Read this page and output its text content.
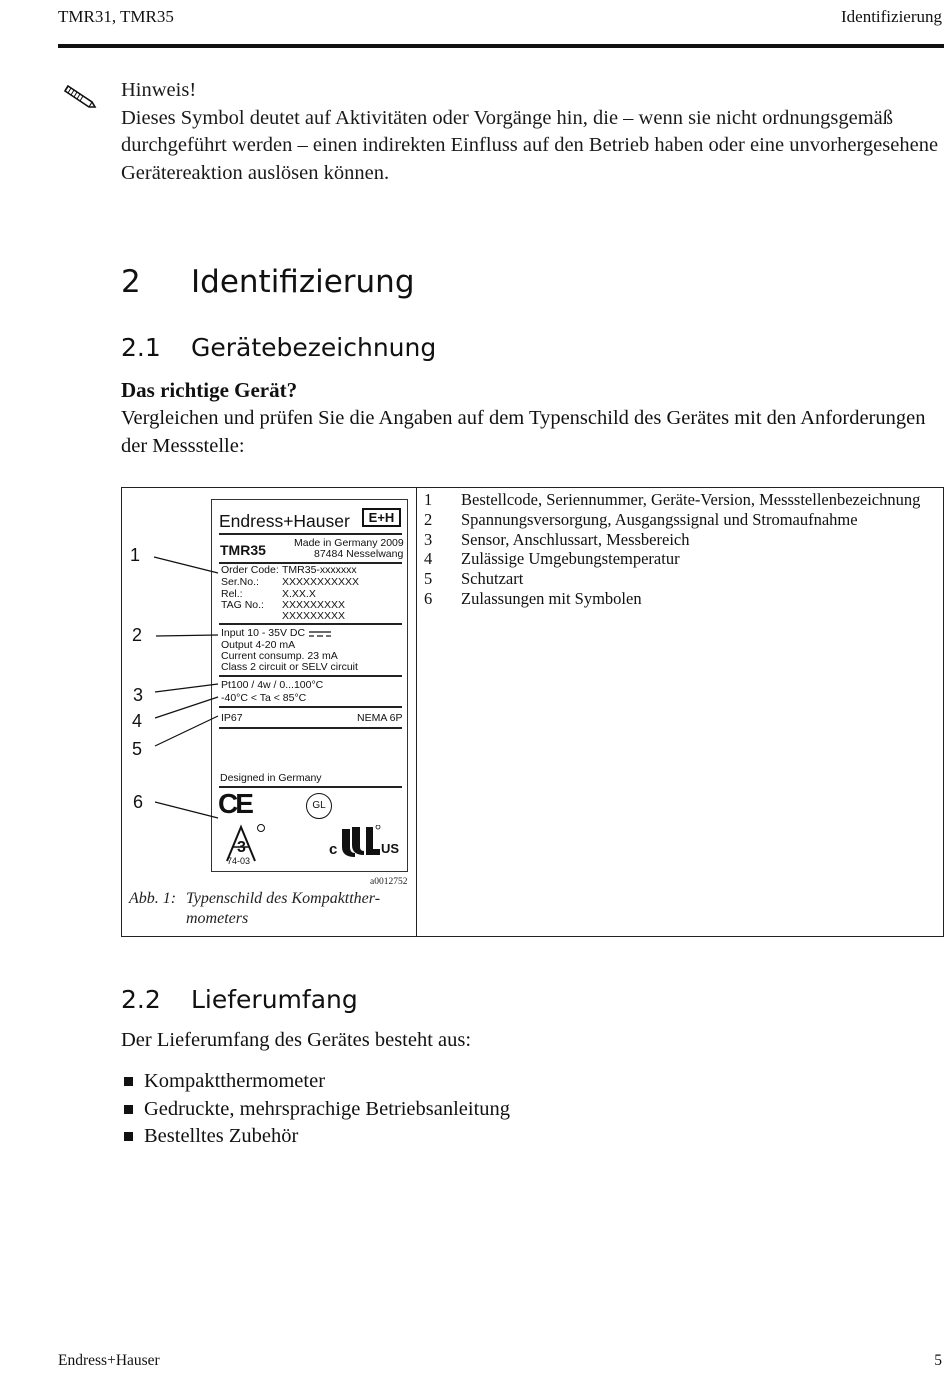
TMR31, TMR35	Identifizierung

Hinweis!

Dieses Symbol deutet auf Aktivitäten oder Vorgänge hin, die – wenn sie nicht ordnungsgemäß durchgeführt werden – einen indirekten Einfluss auf den Betrieb haben oder eine unvorhergesehene Gerätereaktion auslösen können.

2 Identifizierung
2.1 Gerätebezeichnung
Das richtige Gerät?
Vergleichen und prüfen Sie die Angaben auf dem Typenschild des Gerätes mit den Anforderungen der Messstelle:
Endress+Hauser	E+H
TMR35	Made in Germany 2009
87484 Nesselwang
Order Code: TMR35-xxxxxxx
Ser.No.: XXXXXXXXXXX
Rel.:	X.XX.X
TAG No.: XXXXXXXXX
XXXXXXXXX
Input 10 - 35V DC
Output 4-20 mA
Current consump. 23 mA
Class 2 circuit or SELV circuit
Pt100 / 4w / 0...100°C
-40°C < Ta < 85°C
IP67	NEMA 6P
Designed in Germany
CE	GL
3
74-03
c	US
1
2
3
4
5
6
a0012752
Abb. 1: Typenschild des Kompaktther-
mometers
1	Bestellcode, Seriennummer, Geräte-Version, Messstellenbezeichnung
2	Spannungsversorgung, Ausgangssignal und Stromaufnahme
3	Sensor, Anschlussart, Messbereich
4	Zulässige Umgebungstemperatur
5	Schutzart
6	Zulassungen mit Symbolen
2.2 Lieferumfang
Der Lieferumfang des Gerätes besteht aus:
Kompaktthermometer
Gedruckte, mehrsprachige Betriebsanleitung
Bestelltes Zubehör
Endress+Hauser	5
